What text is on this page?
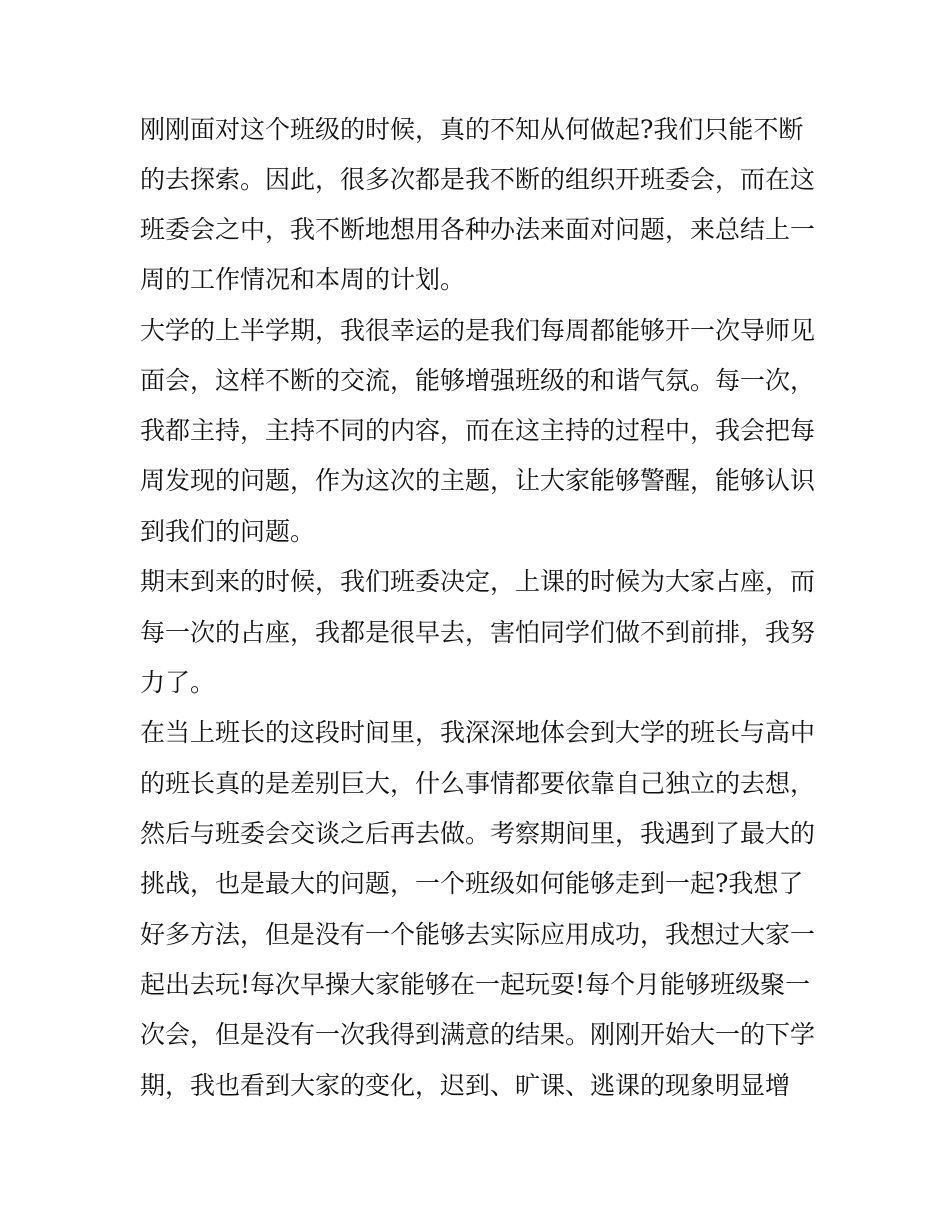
刚刚面对这个班级的时候，真的不知从何做起?我们只能不断
的去探索。因此，很多次都是我不断的组织开班委会，而在这
班委会之中，我不断地想用各种办法来面对问题，来总结上一
周的工作情况和本周的计划。
大学的上半学期，我很幸运的是我们每周都能够开一次导师见
面会，这样不断的交流，能够增强班级的和谐气氛。每一次，
我都主持，主持不同的内容，而在这主持的过程中，我会把每
周发现的问题，作为这次的主题，让大家能够警醒，能够认识
到我们的问题。
期末到来的时候，我们班委决定，上课的时候为大家占座，而
每一次的占座，我都是很早去，害怕同学们做不到前排，我努
力了。
在当上班长的这段时间里，我深深地体会到大学的班长与高中
的班长真的是差别巨大，什么事情都要依靠自己独立的去想，
然后与班委会交谈之后再去做。考察期间里，我遇到了最大的
挑战，也是最大的问题，一个班级如何能够走到一起?我想了
好多方法，但是没有一个能够去实际应用成功，我想过大家一
起出去玩!每次早操大家能够在一起玩耍!每个月能够班级聚一
次会，但是没有一次我得到满意的结果。刚刚开始大一的下学
期，我也看到大家的变化，迟到、旷课、逃课的现象明显增
